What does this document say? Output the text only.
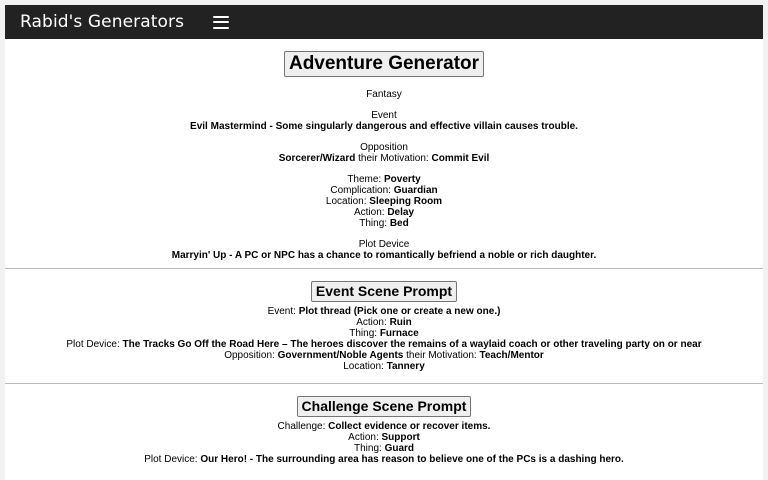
Rabid's Generators
Adventure Generator
Fantasy
Event
Evil Mastermind - Some singularly dangerous and effective villain causes trouble.
Opposition
Sorcerer/Wizard their Motivation: Commit Evil
Theme: Poverty
Complication: Guardian
Location: Sleeping Room
Action: Delay
Thing: Bed
Plot Device
Marryin' Up - A PC or NPC has a chance to romantically befriend a noble or rich daughter.
Event Scene Prompt
Event: Plot thread (Pick one or create a new one.)
Action: Ruin
Thing: Furnace
Plot Device: The Tracks Go Off the Road Here – The heroes discover the remains of a waylaid coach or other traveling party on or near
Opposition: Government/Noble Agents their Motivation: Teach/Mentor
Location: Tannery
Challenge Scene Prompt
Challenge: Collect evidence or recover items.
Action: Support
Thing: Guard
Plot Device: Our Hero! - The surrounding area has reason to believe one of the PCs is a dashing hero.
